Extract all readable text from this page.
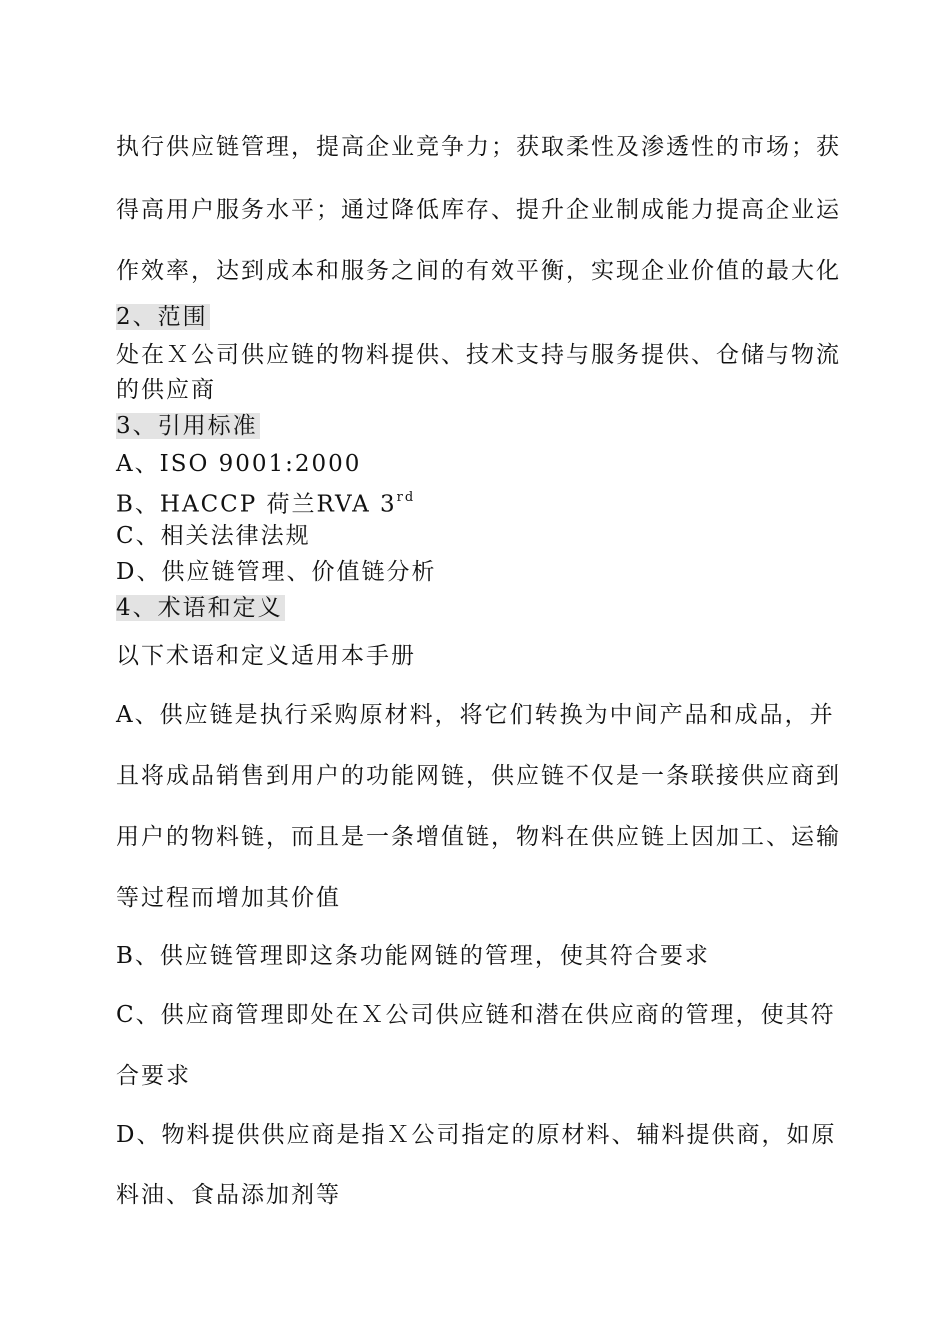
执行供应链管理，提高企业竞争力；获取柔性及渗透性的市场；获
得高用户服务水平；通过降低库存、提升企业制成能力提高企业运
作效率，达到成本和服务之间的有效平衡，实现企业价值的最大化
2、范围
处在Ｘ公司供应链的物料提供、技术支持与服务提供、仓储与物流
的供应商
3、引用标准
A、ISO 9001:2000
B、HACCP 荷兰RVA 3rd
C、相关法律法规
D、供应链管理、价值链分析
4、术语和定义
以下术语和定义适用本手册
A、供应链是执行采购原材料，将它们转换为中间产品和成品，并
且将成品销售到用户的功能网链，供应链不仅是一条联接供应商到
用户的物料链，而且是一条增值链，物料在供应链上因加工、运输
等过程而增加其价值
B、供应链管理即这条功能网链的管理，使其符合要求
C、供应商管理即处在Ｘ公司供应链和潜在供应商的管理，使其符
合要求
D、物料提供供应商是指Ｘ公司指定的原材料、辅料提供商，如原
料油、食品添加剂等
